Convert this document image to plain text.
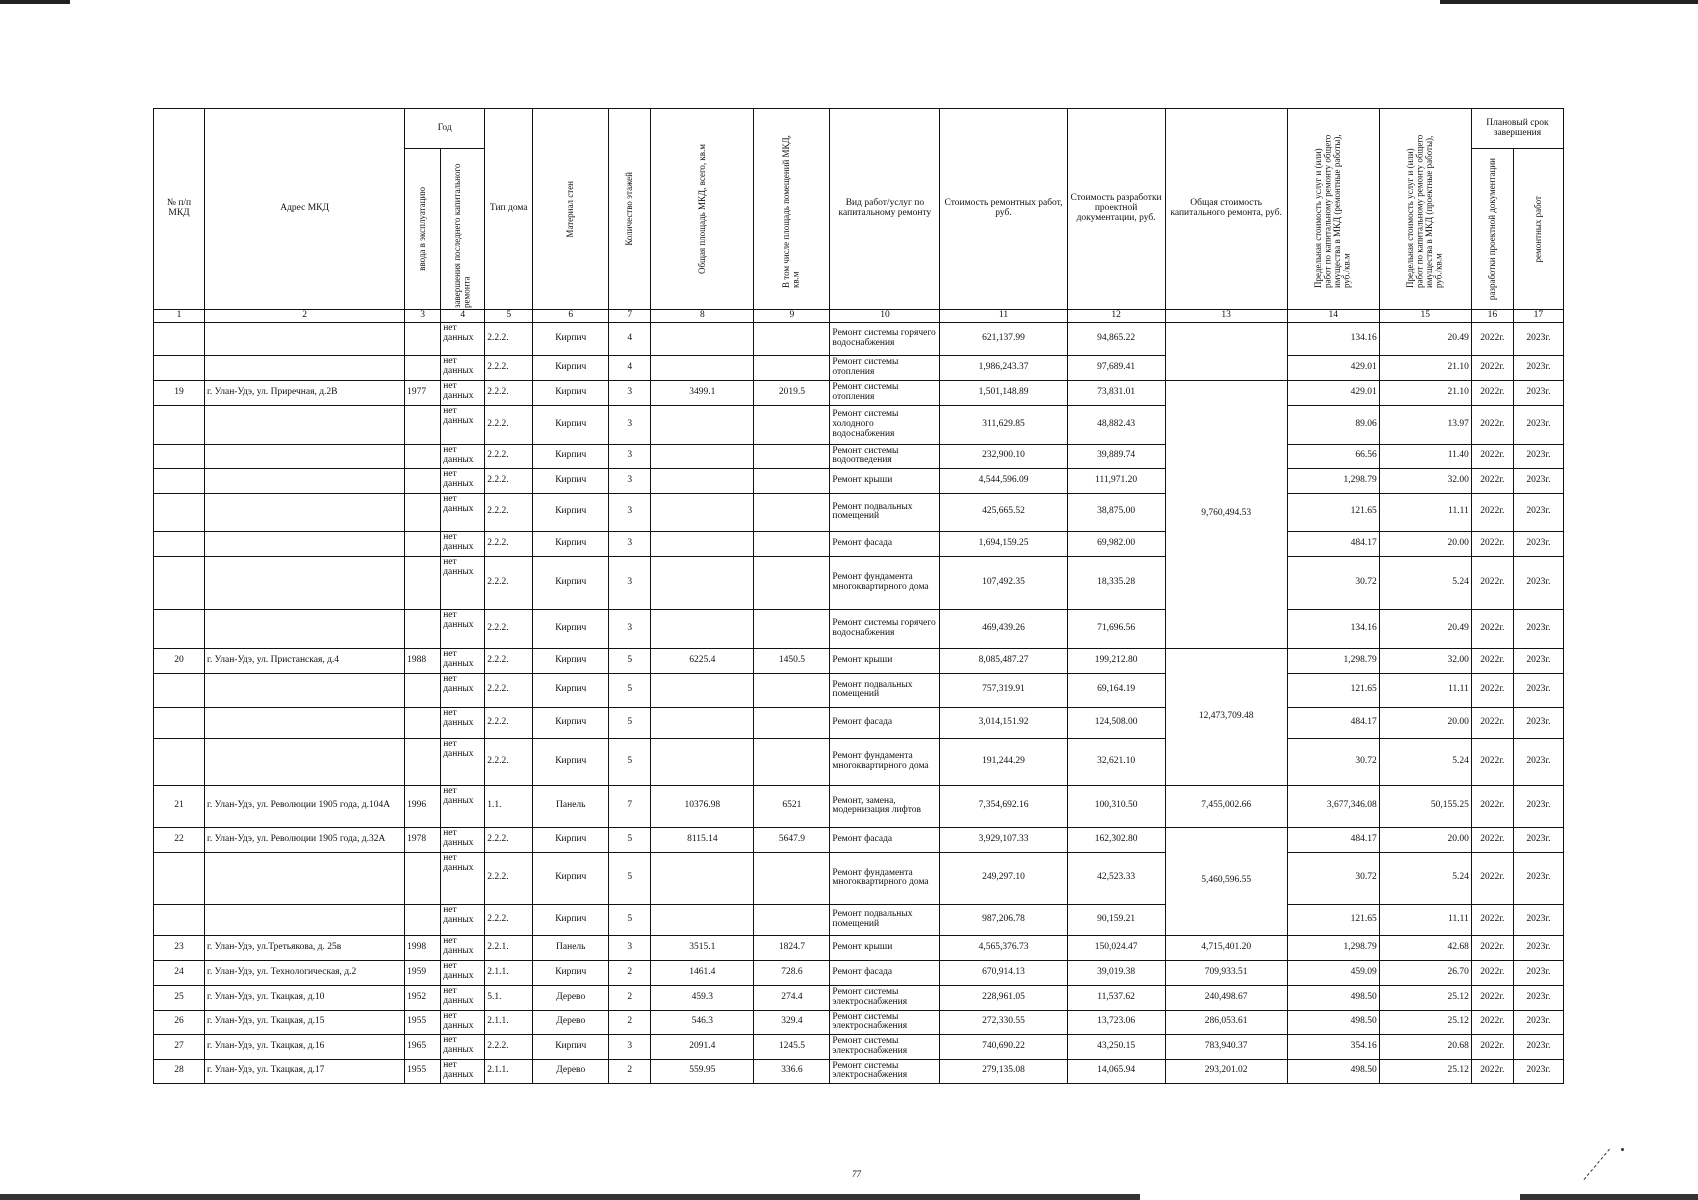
№ п/п МКД	Адрес МКД	Год		Тип дома	Материал стен	Количество этажей	Общая площадь МКД, всего, кв.м	В том числе площадь помещений МКД, кв.м	Вид работ/услуг по капитальному ремонту	Стоимость ремонтных работ, руб.	Стоимость разработки проектной документации, руб.	Общая стоимость капитального ремонта, руб.	Предельная стоимость услуг и (или) работ по капитальному ремонту общего имущества в МКД (ремонтные работы), руб./кв.м	Предельная стоимость услуг и (или) работ по капитальному ремонту общего имущества в МКД (проектные работы), руб./кв.м	Плановый срок завершения	

		ввода в эксплуатацию	завершения последнего капитального ремонта												разработки проектной документации	ремонтных работ

1	2	3	4	5	6	7	8	9	10	11	12	13	14	15	16	17
			нет данных	2.2.2.	Кирпич	4			Ремонт системы горячего водоснабжения	621,137.99	94,865.22		134.16	20.49	2022г.	2023г.
			нет данных	2.2.2.	Кирпич	4			Ремонт системы отопления	1,986,243.37	97,689.41		429.01	21.10	2022г.	2023г.
19	г. Улан-Удэ, ул. Приречная, д.2В	1977	нет данных	2.2.2.	Кирпич	3	3499.1	2019.5	Ремонт системы отопления	1,501,148.89	73,831.01	9,760,494.53	429.01	21.10	2022г.	2023г.
			нет данных	2.2.2.	Кирпич	3			Ремонт системы холодного водоснабжения	311,629.85	48,882.43		89.06	13.97	2022г.	2023г.
			нет данных	2.2.2.	Кирпич	3			Ремонт системы водоотведения	232,900.10	39,889.74		66.56	11.40	2022г.	2023г.
			нет данных	2.2.2.	Кирпич	3			Ремонт крыши	4,544,596.09	111,971.20		1,298.79	32.00	2022г.	2023г.
			нет данных	2.2.2.	Кирпич	3			Ремонт подвальных помещений	425,665.52	38,875.00		121.65	11.11	2022г.	2023г.
			нет данных	2.2.2.	Кирпич	3			Ремонт фасада	1,694,159.25	69,982.00		484.17	20.00	2022г.	2023г.
			нет данных	2.2.2.	Кирпич	3			Ремонт фундамента многоквартирного дома	107,492.35	18,335.28		30.72	5.24	2022г.	2023г.
			нет данных	2.2.2.	Кирпич	3			Ремонт системы горячего водоснабжения	469,439.26	71,696.56		134.16	20.49	2022г.	2023г.
20	г. Улан-Удэ, ул. Пристанская, д.4	1988	нет данных	2.2.2.	Кирпич	5	6225.4	1450.5	Ремонт крыши	8,085,487.27	199,212.80	12,473,709.48	1,298.79	32.00	2022г.	2023г.
			нет данных	2.2.2.	Кирпич	5			Ремонт подвальных помещений	757,319.91	69,164.19		121.65	11.11	2022г.	2023г.
			нет данных	2.2.2.	Кирпич	5			Ремонт фасада	3,014,151.92	124,508.00		484.17	20.00	2022г.	2023г.
			нет данных	2.2.2.	Кирпич	5			Ремонт фундамента многоквартирного дома	191,244.29	32,621.10		30.72	5.24	2022г.	2023г.
21	г. Улан-Удэ, ул. Революции 1905 года, д.104А	1996	нет данных	1.1.	Панель	7	10376.98	6521	Ремонт, замена, модернизация лифтов	7,354,692.16	100,310.50	7,455,002.66	3,677,346.08	50,155.25	2022г.	2023г.
22	г. Улан-Удэ, ул. Революции 1905 года, д.32А	1978	нет данных	2.2.2.	Кирпич	5	8115.14	5647.9	Ремонт фасада	3,929,107.33	162,302.80	5,460,596.55	484.17	20.00	2022г.	2023г.
			нет данных	2.2.2.	Кирпич	5			Ремонт фундамента многоквартирного дома	249,297.10	42,523.33		30.72	5.24	2022г.	2023г.
			нет данных	2.2.2.	Кирпич	5			Ремонт подвальных помещений	987,206.78	90,159.21		121.65	11.11	2022г.	2023г.
23	г. Улан-Удэ, ул.Третьякова, д. 25в	1998	нет данных	2.2.1.	Панель	3	3515.1	1824.7	Ремонт крыши	4,565,376.73	150,024.47	4,715,401.20	1,298.79	42.68	2022г.	2023г.
24	г. Улан-Удэ, ул. Технологическая, д.2	1959	нет данных	2.1.1.	Кирпич	2	1461.4	728.6	Ремонт фасада	670,914.13	39,019.38	709,933.51	459.09	26.70	2022г.	2023г.
25	г. Улан-Удэ, ул. Ткацкая, д.10	1952	нет данных	5.1.	Дерево	2	459.3	274.4	Ремонт системы электроснабжения	228,961.05	11,537.62	240,498.67	498.50	25.12	2022г.	2023г.
26	г. Улан-Удэ, ул. Ткацкая, д.15	1955	нет данных	2.1.1.	Дерево	2	546.3	329.4	Ремонт системы электроснабжения	272,330.55	13,723.06	286,053.61	498.50	25.12	2022г.	2023г.
27	г. Улан-Удэ, ул. Ткацкая, д.16	1965	нет данных	2.2.2.	Кирпич	3	2091.4	1245.5	Ремонт системы электроснабжения	740,690.22	43,250.15	783,940.37	354.16	20.68	2022г.	2023г.
28	г. Улан-Удэ, ул. Ткацкая, д.17	1955	нет данных	2.1.1.	Дерево	2	559.95	336.6	Ремонт системы электроснабжения	279,135.08	14,065.94	293,201.02	498.50	25.12	2022г.	2023г.
77
